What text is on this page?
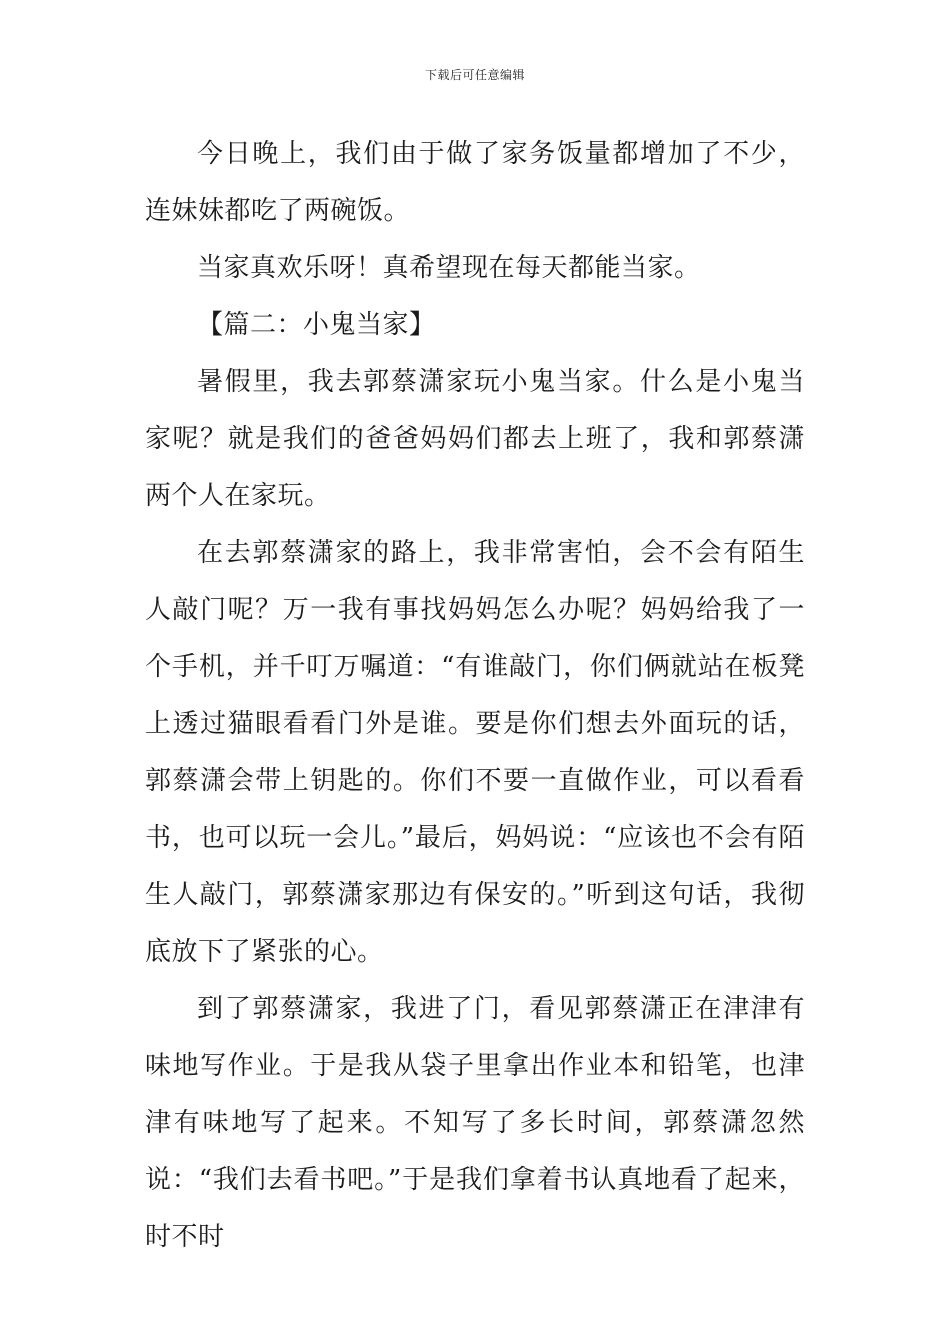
下载后可任意编辑

今日晚上，我们由于做了家务饭量都增加了不少，连妹妹都吃了两碗饭。

当家真欢乐呀！真希望现在每天都能当家。

【篇二：小鬼当家】

暑假里，我去郭蔡潇家玩小鬼当家。什么是小鬼当家呢？就是我们的爸爸妈妈们都去上班了，我和郭蔡潇两个人在家玩。

在去郭蔡潇家的路上，我非常害怕，会不会有陌生人敲门呢？万一我有事找妈妈怎么办呢？妈妈给我了一个手机，并千叮万嘱道：“有谁敲门，你们俩就站在板凳上透过猫眼看看门外是谁。要是你们想去外面玩的话，郭蔡潇会带上钥匙的。你们不要一直做作业，可以看看书，也可以玩一会儿。”最后，妈妈说：“应该也不会有陌生人敲门，郭蔡潇家那边有保安的。”听到这句话，我彻底放下了紧张的心。

到了郭蔡潇家，我进了门，看见郭蔡潇正在津津有味地写作业。于是我从袋子里拿出作业本和铅笔，也津津有味地写了起来。不知写了多长时间，郭蔡潇忽然说：“我们去看书吧。”于是我们拿着书认真地看了起来，时不时
